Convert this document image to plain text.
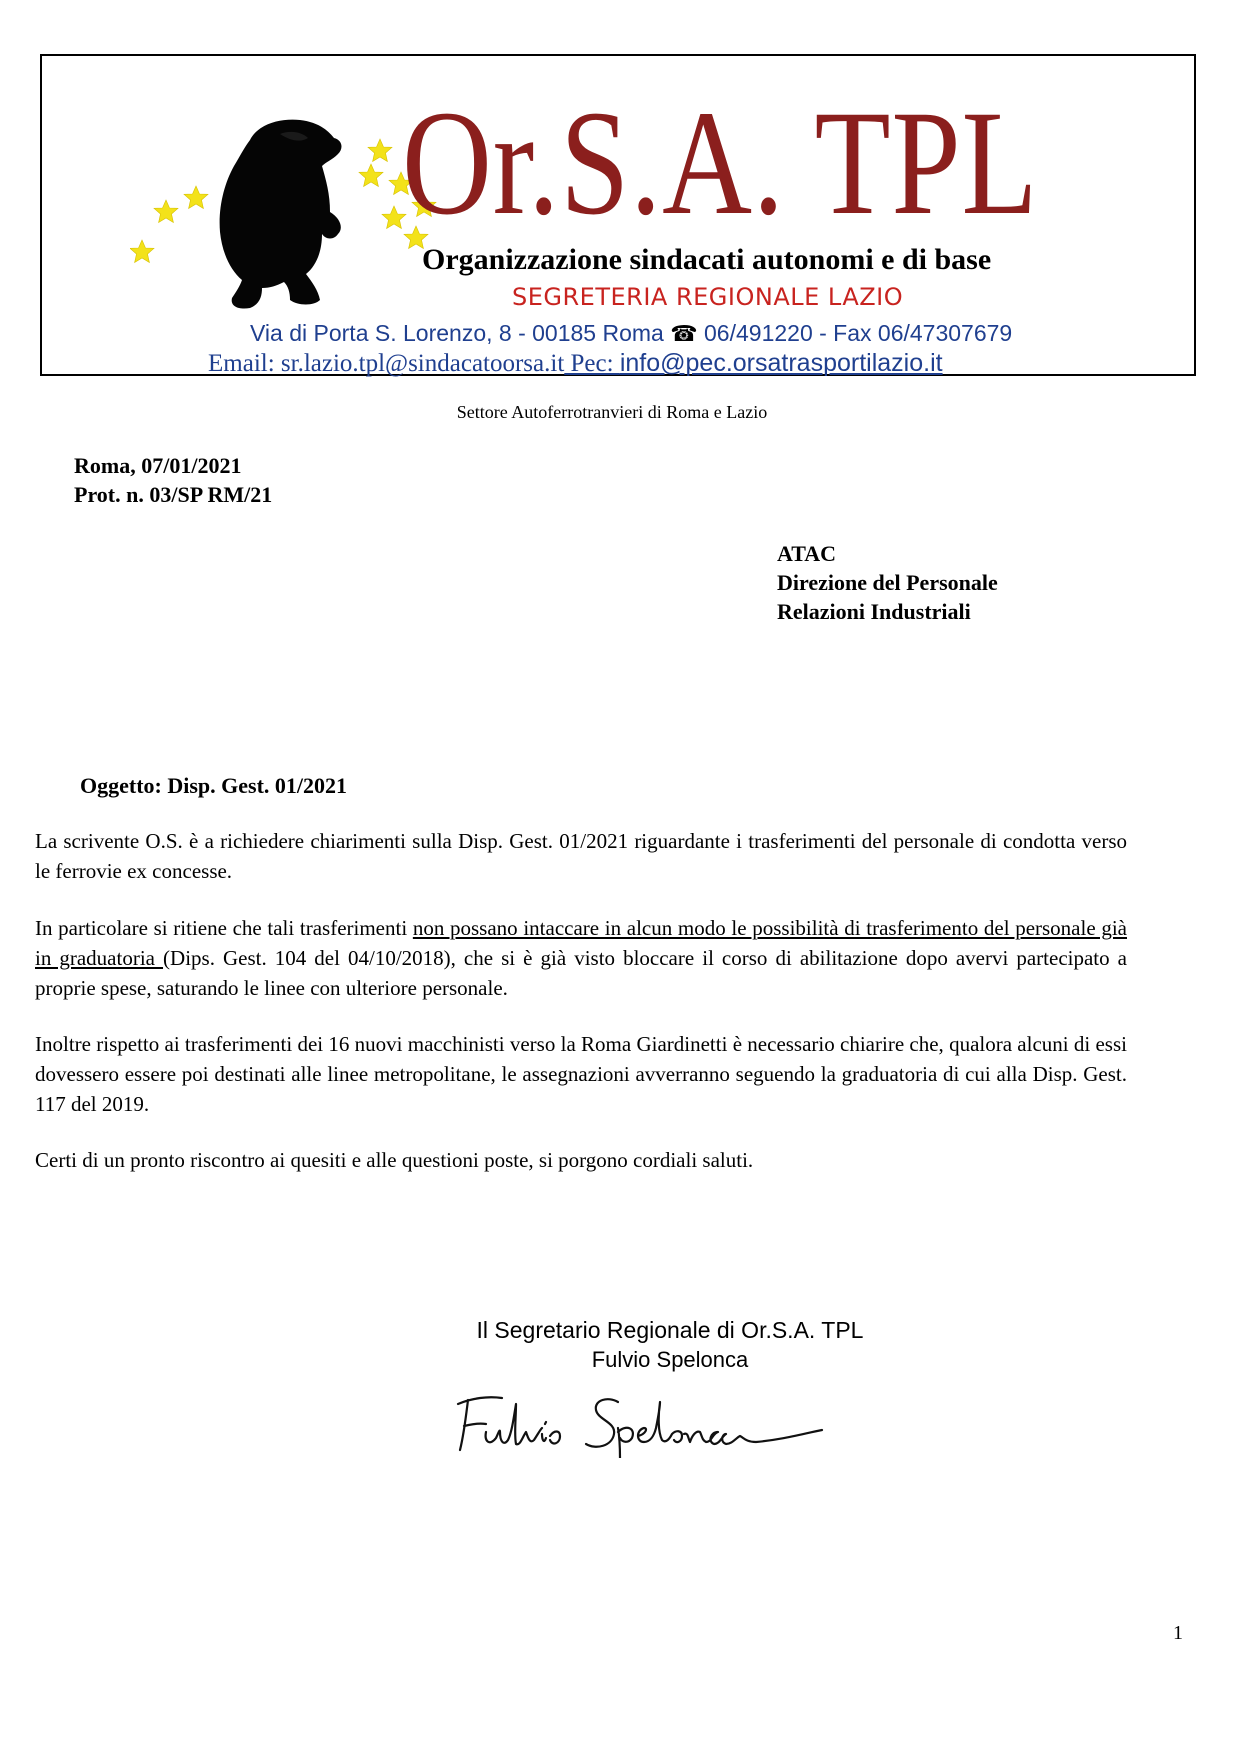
Or.S.A. TPL
Organizzazione sindacati autonomi e di base
SEGRETERIA REGIONALE LAZIO
Via di Porta S. Lorenzo, 8 - 00185 Roma ☎ 06/491220 - Fax 06/47307679
Email: sr.lazio.tpl@sindacatoorsa.it Pec: info@pec.orsatrasportilazio.it
Settore Autoferrotranvieri di Roma e Lazio
Roma, 07/01/2021
Prot. n. 03/SP RM/21
ATAC
Direzione del Personale
Relazioni Industriali
Oggetto: Disp. Gest. 01/2021

La scrivente O.S. è a richiedere chiarimenti sulla Disp. Gest. 01/2021 riguardante i trasferimenti del personale di condotta verso le ferrovie ex concesse.

In particolare si ritiene che tali trasferimenti non possano intaccare in alcun modo le possibilità di trasferimento del personale già in graduatoria (Dips. Gest. 104 del 04/10/2018), che si è già visto bloccare il corso di abilitazione dopo avervi partecipato a proprie spese, saturando le linee con ulteriore personale.

Inoltre rispetto ai trasferimenti dei 16 nuovi macchinisti verso la Roma Giardinetti è necessario chiarire che, qualora alcuni di essi dovessero essere poi destinati alle linee metropolitane, le assegnazioni avverranno seguendo la graduatoria di cui alla Disp. Gest. 117 del 2019.

Certi di un pronto riscontro ai quesiti e alle questioni poste, si porgono cordiali saluti.

Il Segretario Regionale di Or.S.A. TPL
Fulvio Spelonca
1
